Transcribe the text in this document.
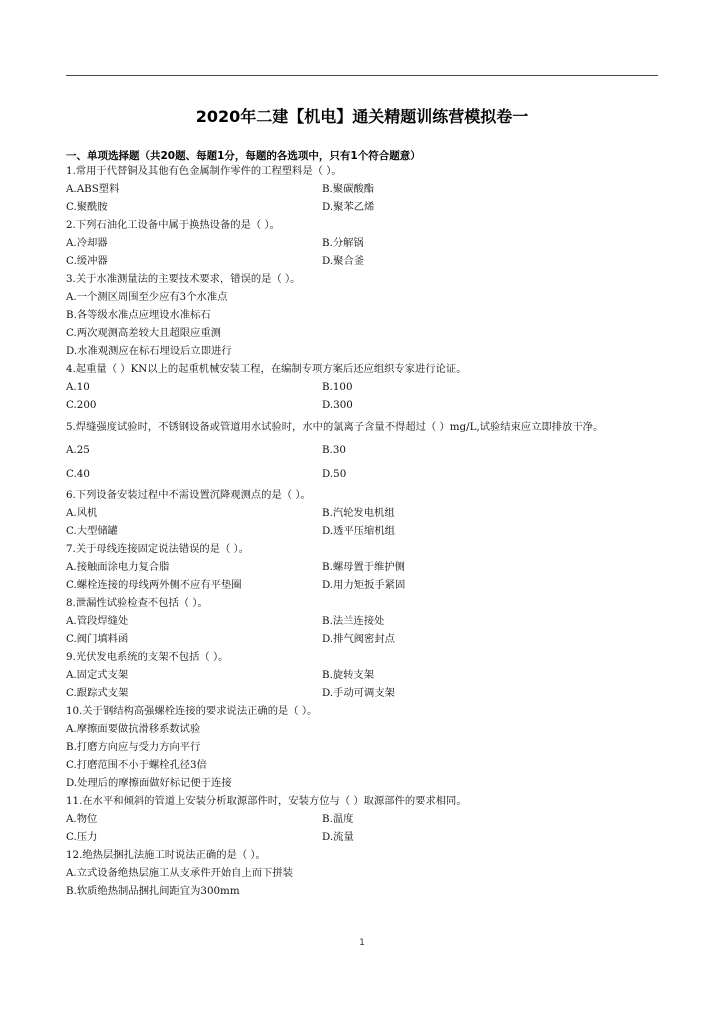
2020年二建【机电】通关精题训练营模拟卷一
一、单项选择题（共20题、每题1分，每题的各选项中，只有1个符合题意）
1.常用于代替铜及其他有色金属制作零件的工程塑料是（ ）。
A.ABS塑料	B.聚碳酸酯
C.聚酰胺	D.聚苯乙烯
2.下列石油化工设备中属于换热设备的是（ ）。
A.冷却器	B.分解锅
C.缓冲器	D.聚合釜
3.关于水准测量法的主要技术要求，错误的是（ ）。
A.一个测区周围至少应有3个水准点
B.各等级水准点应埋设水准标石
C.两次观测高差较大且超限应重测
D.水准观测应在标石埋设后立即进行
4.起重量（ ）KN以上的起重机械安装工程，在编制专项方案后还应组织专家进行论证。
A.10	B.100
C.200	D.300
5.焊缝强度试验时，不锈钢设备或管道用水试验时，水中的氯离子含量不得超过（ ）mg/L,试验结束应立即排放干净。
A.25	B.30
C.40	D.50
6.下列设备安装过程中不需设置沉降观测点的是（ ）。
A.风机	B.汽轮发电机组
C.大型储罐	D.透平压缩机组
7.关于母线连接固定说法错误的是（ ）。
A.接触面涂电力复合脂	B.螺母置于维护侧
C.螺栓连接的母线两外侧不应有平垫圈	D.用力矩扳手紧固
8.泄漏性试验检查不包括（ ）。
A.管段焊缝处	B.法兰连接处
C.阀门填料函	D.排气阀密封点
9.光伏发电系统的支架不包括（ ）。
A.固定式支架	B.旋转支架
C.跟踪式支架	D.手动可调支架
10.关于钢结构高强螺栓连接的要求说法正确的是（ ）。
A.摩擦面要做抗滑移系数试验
B.打磨方向应与受力方向平行
C.打磨范围不小于螺栓孔径3倍
D.处理后的摩擦面做好标记便于连接
11.在水平和倾斜的管道上安装分析取源部件时，安装方位与（ ）取源部件的要求相同。
A.物位	B.温度
C.压力	D.流量
12.绝热层捆扎法施工时说法正确的是（ ）。
A.立式设备绝热层施工从支承件开始自上而下拼装
B.软质绝热制品捆扎间距宜为300mm
1
